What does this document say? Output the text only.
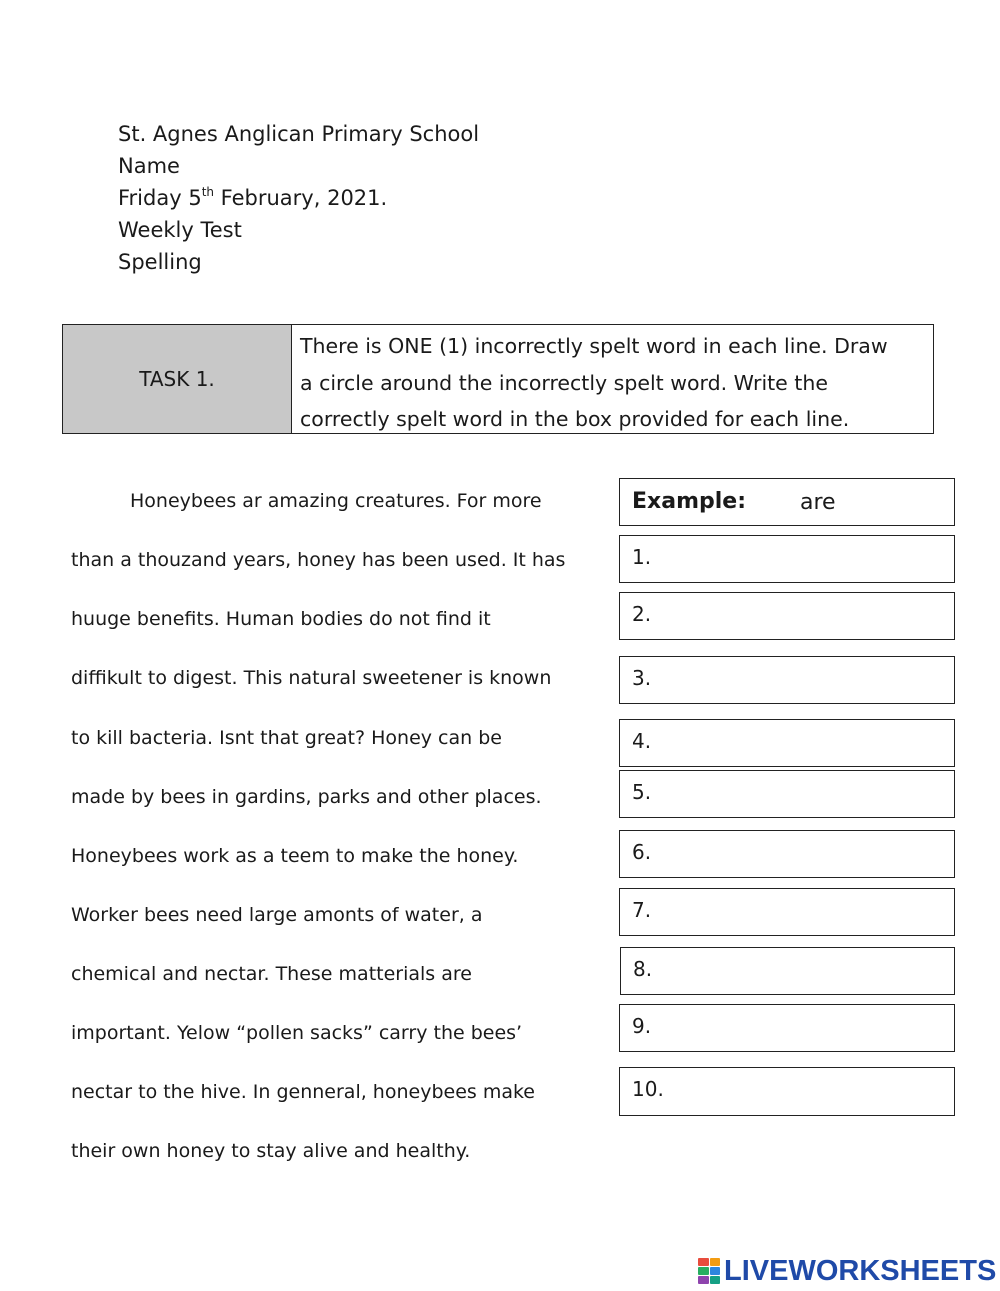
St. Agnes Anglican Primary School
Name
Friday 5th February, 2021.
Weekly Test
Spelling
TASK 1.
There is ONE (1) incorrectly spelt word in each line. Draw
a circle around the incorrectly spelt word. Write the
correctly spelt word in the box provided for each line.
Honeybees ar amazing creatures. For more
than a thouzand years, honey has been used. It has
huuge benefits. Human bodies do not find it
diffikult to digest. This natural sweetener is known
to kill bacteria. Isnt that great? Honey can be
made by bees in gardins, parks and other places.
Honeybees work as a teem to make the honey.
Worker bees need large amonts of water, a
chemical and nectar. These matterials are
important. Yelow “pollen sacks” carry the bees’
nectar to the hive. In genneral, honeybees make
their own honey to stay alive and healthy.
Example: are
1.
2.
3.
4.
5.
6.
7.
8.
9.
10.
LIVEWORKSHEETS
